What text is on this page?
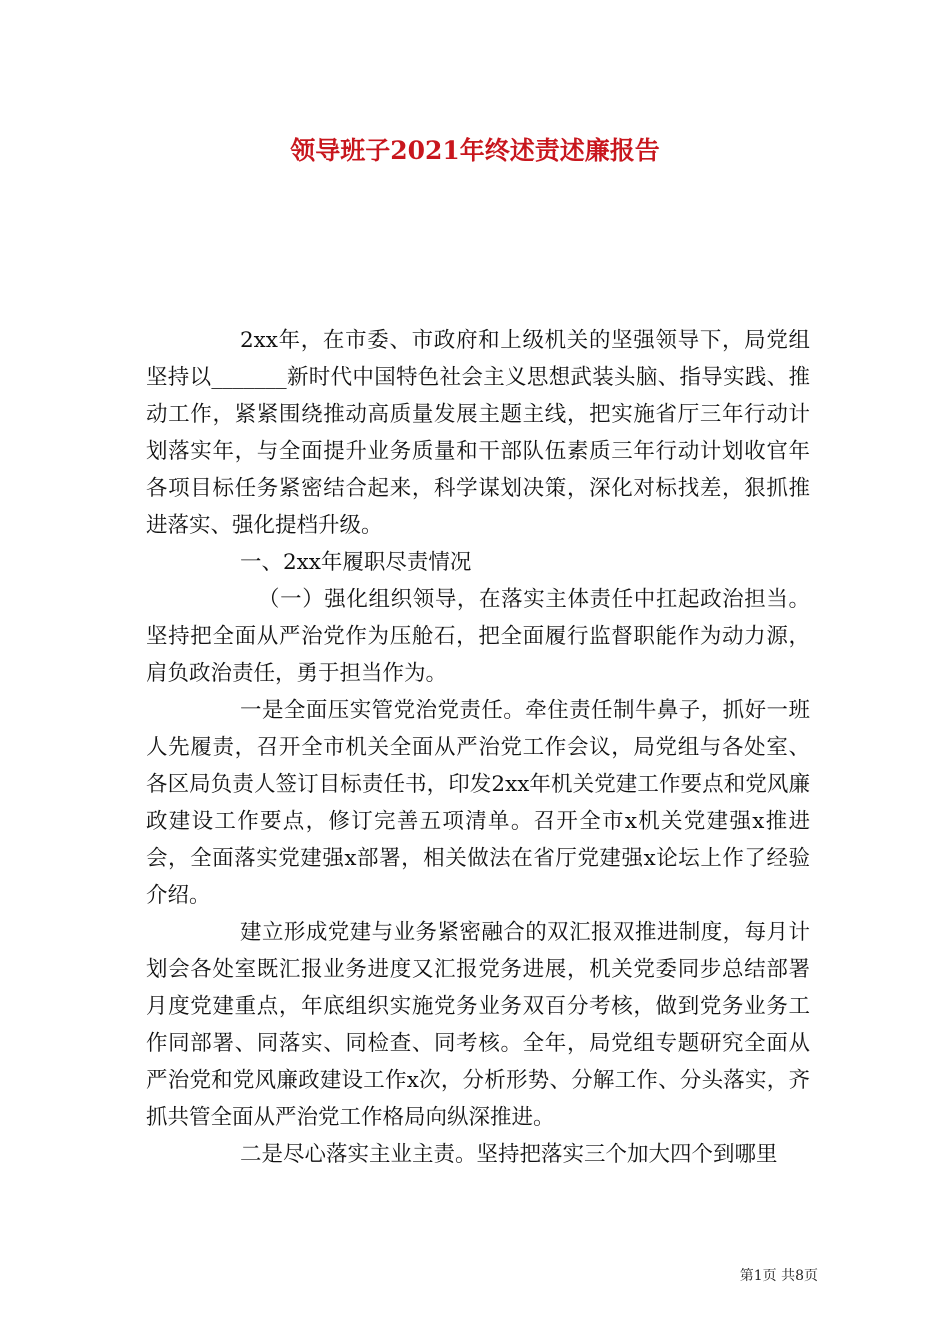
领导班子2021年终述责述廉报告

2xx年，在市委、市政府和上级机关的坚强领导下，局党组坚持以_______新时代中国特色社会主义思想武装头脑、指导实践、推动工作，紧紧围绕推动高质量发展主题主线，把实施省厅三年行动计划落实年，与全面提升业务质量和干部队伍素质三年行动计划收官年各项目标任务紧密结合起来，科学谋划决策，深化对标找差，狠抓推进落实、强化提档升级。

一、2xx年履职尽责情况

（一）强化组织领导，在落实主体责任中扛起政治担当。坚持把全面从严治党作为压舱石，把全面履行监督职能作为动力源，肩负政治责任，勇于担当作为。

一是全面压实管党治党责任。牵住责任制牛鼻子，抓好一班人先履责，召开全市机关全面从严治党工作会议，局党组与各处室、各区局负责人签订目标责任书，印发2xx年机关党建工作要点和党风廉政建设工作要点，修订完善五项清单。召开全市x机关党建强x推进会，全面落实党建强x部署，相关做法在省厅党建强x论坛上作了经验介绍。

建立形成党建与业务紧密融合的双汇报双推进制度，每月计划会各处室既汇报业务进度又汇报党务进展，机关党委同步总结部署月度党建重点，年底组织实施党务业务双百分考核，做到党务业务工作同部署、同落实、同检查、同考核。全年，局党组专题研究全面从严治党和党风廉政建设工作x次，分析形势、分解工作、分头落实，齐抓共管全面从严治党工作格局向纵深推进。

二是尽心落实主业主责。坚持把落实三个加大四个到哪里

第1页 共8页
